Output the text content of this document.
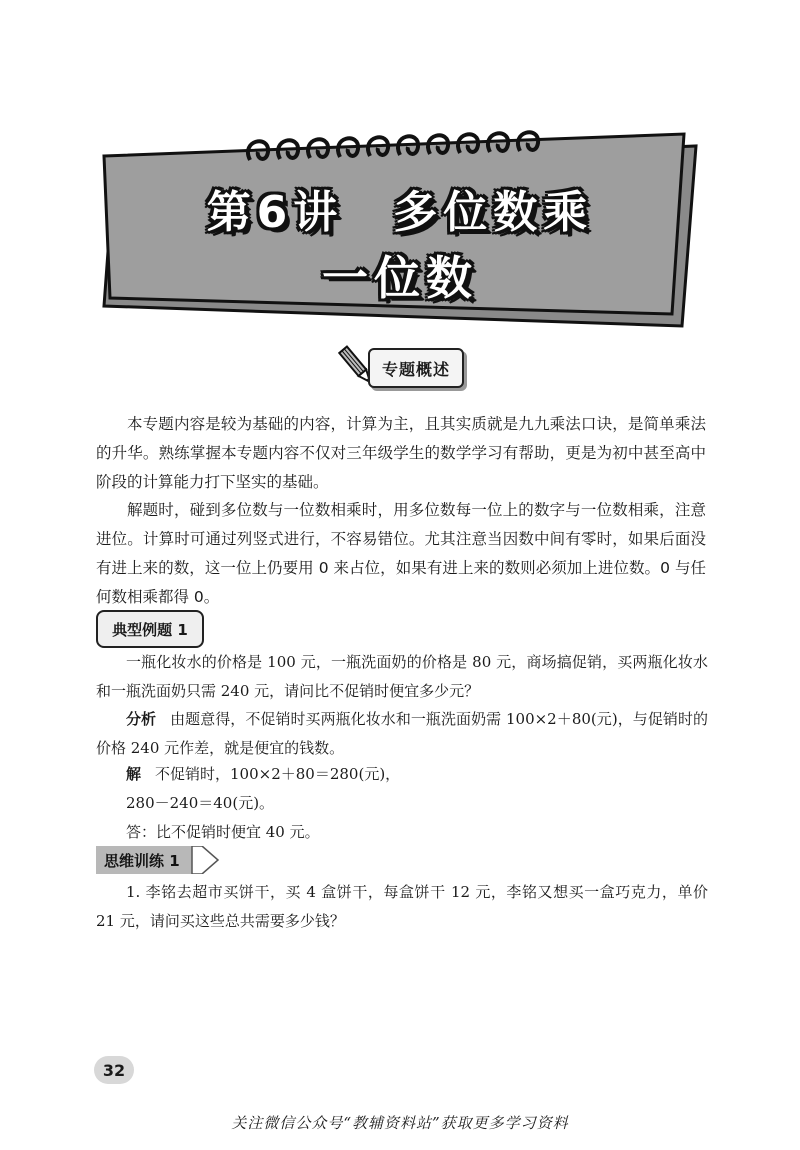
第6讲　多位数乘
一位数
专题概述
本专题内容是较为基础的内容，计算为主，且其实质就是九九乘法口诀，是简单乘法的升华。熟练掌握本专题内容不仅对三年级学生的数学学习有帮助，更是为初中甚至高中阶段的计算能力打下坚实的基础。
解题时，碰到多位数与一位数相乘时，用多位数每一位上的数字与一位数相乘，注意进位。计算时可通过列竖式进行，不容易错位。尤其注意当因数中间有零时，如果后面没有进上来的数，这一位上仍要用 0 来占位，如果有进上来的数则必须加上进位数。0 与任何数相乘都得 0。
典型例题 1
一瓶化妆水的价格是 100 元，一瓶洗面奶的价格是 80 元，商场搞促销，买两瓶化妆水和一瓶洗面奶只需 240 元，请问比不促销时便宜多少元？
分析 由题意得，不促销时买两瓶化妆水和一瓶洗面奶需 100×2＋80(元)，与促销时的价格 240 元作差，就是便宜的钱数。
解 不促销时，100×2＋80＝280(元)，
280－240＝40(元)。
答：比不促销时便宜 40 元。
思维训练 1
1. 李铭去超市买饼干，买 4 盒饼干，每盒饼干 12 元，李铭又想买一盒巧克力，单价 21 元，请问买这些总共需要多少钱？
32
关注微信公众号“教辅资料站”获取更多学习资料
